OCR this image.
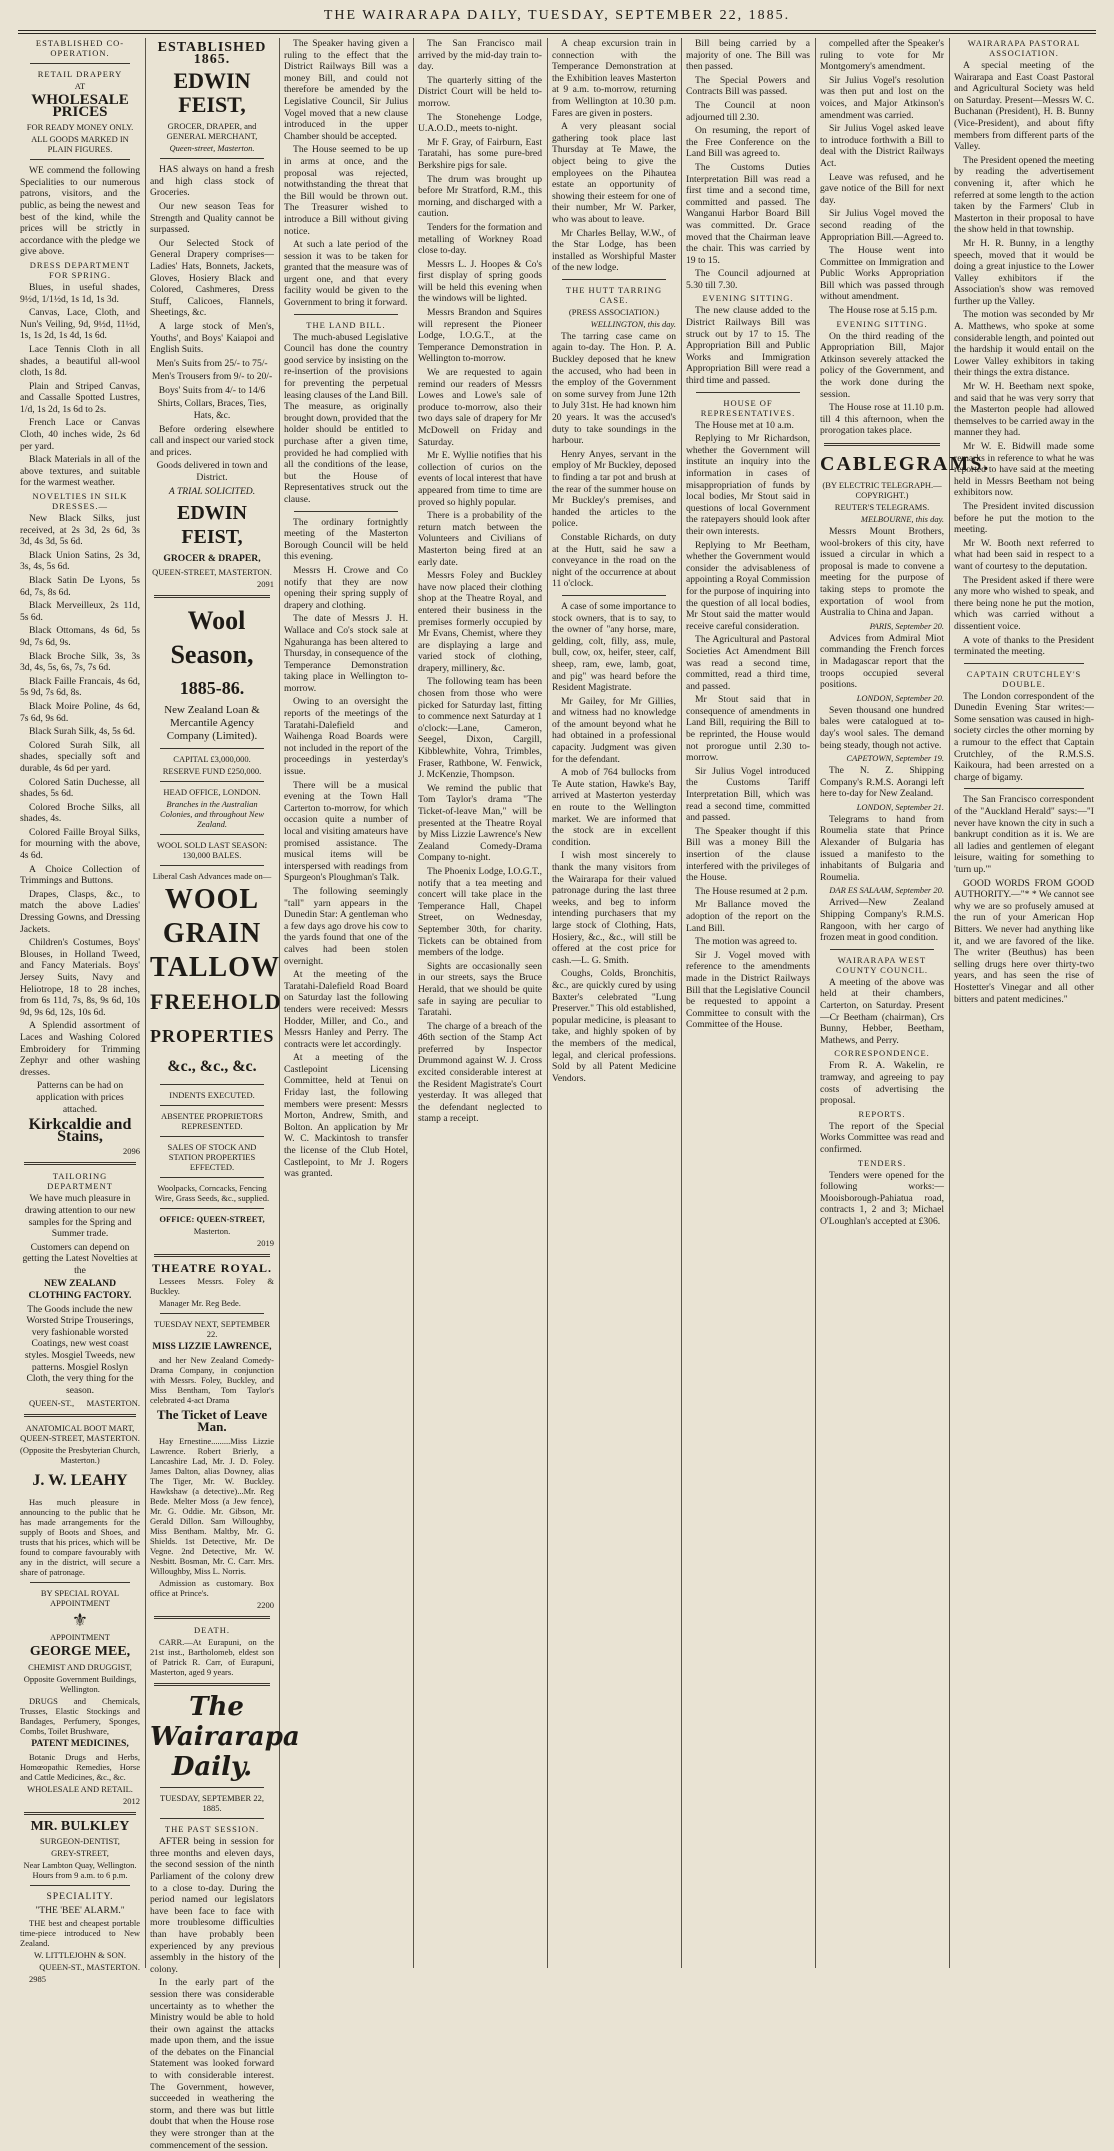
THE WAIRARAPA DAILY, TUESDAY, SEPTEMBER 22, 1885.

ESTABLISHED CO-OPERATION.

RETAIL DRAPERY

AT

WHOLESALE PRICES

FOR READY MONEY ONLY.

ALL GOODS MARKED IN PLAIN FIGURES.

WE commend the following Specialities to our numerous patrons, visitors, and the public, as being the newest and best of the kind, while the prices will be strictly in accordance with the pledge we give above.

DRESS DEPARTMENT FOR SPRING.

Blues, in useful shades, 9½d, 1/1½d, 1s 1d, 1s 3d.

Canvas, Lace, Cloth, and Nun's Veiling, 9d, 9½d, 11½d, 1s, 1s 2d, 1s 4d, 1s 6d.

Lace Tennis Cloth in all shades, a beautiful all-wool cloth, 1s 8d.

Plain and Striped Canvas, and Cassalle Spotted Lustres, 1/d, 1s 2d, 1s 6d to 2s.

French Lace or Canvas Cloth, 40 inches wide, 2s 6d per yard.

Black Materials in all of the above textures, and suitable for the warmest weather.

NOVELTIES IN SILK DRESSES.—

New Black Silks, just received, at 2s 3d, 2s 6d, 3s 3d, 4s 3d, 5s 6d.

Black Union Satins, 2s 3d, 3s, 4s, 5s 6d.

Black Satin De Lyons, 5s 6d, 7s, 8s 6d.

Black Merveilleux, 2s 11d, 5s 6d.

Black Ottomans, 4s 6d, 5s 9d, 7s 6d, 9s.

Black Broche Silk, 3s, 3s 3d, 4s, 5s, 6s, 7s, 7s 6d.

Black Faille Francais, 4s 6d, 5s 9d, 7s 6d, 8s.

Black Moire Poline, 4s 6d, 7s 6d, 9s 6d.

Black Surah Silk, 4s, 5s 6d.

Colored Surah Silk, all shades, specially soft and durable, 4s 6d per yard.

Colored Satin Duchesse, all shades, 5s 6d.

Colored Broche Silks, all shades, 4s.

Colored Faille Broyal Silks, for mourning with the above, 4s 6d.

A Choice Collection of Trimmings and Buttons.

Drapes, Clasps, &c., to match the above Ladies' Dressing Gowns, and Dressing Jackets.

Children's Costumes, Boys' Blouses, in Holland Tweed, and Fancy Materials. Boys' Jersey Suits, Navy and Heliotrope, 18 to 28 inches, from 6s 11d, 7s, 8s, 9s 6d, 10s 9d, 9s 6d, 12s, 10s 6d.

A Splendid assortment of Laces and Washing Colored Embroidery for Trimming Zephyr and other washing dresses.

Patterns can be had on application with prices attached.

Kirkcaldie and Stains,

2096

TAILORING DEPARTMENT

We have much pleasure in drawing attention to our new samples for the Spring and Summer trade.

Customers can depend on getting the Latest Novelties at the

NEW ZEALAND CLOTHING FACTORY.

The Goods include the new Worsted Stripe Trouserings, very fashionable worsted Coatings, new west coast styles. Mosgiel Tweeds, new patterns. Mosgiel Roslyn Cloth, the very thing for the season.

QUEEN-ST.,	MASTERTON.

ANATOMICAL BOOT MART, QUEEN-STREET, MASTERTON.

(Opposite the Presbyterian Church, Masterton.)

J. W. LEAHY

Has much pleasure in announcing to the public that he has made arrangements for the supply of Boots and Shoes, and trusts that his prices, which will be found to compare favourably with any in the district, will secure a share of patronage.

BY SPECIAL ROYAL APPOINTMENT

⚜

APPOINTMENT

GEORGE MEE,

CHEMIST AND DRUGGIST,

Opposite Government Buildings, Wellington.

DRUGS and Chemicals, Trusses, Elastic Stockings and Bandages, Perfumery, Sponges, Combs, Toilet Brushware,

PATENT MEDICINES,

Botanic Drugs and Herbs, Homœopathic Remedies, Horse and Cattle Medicines, &c., &c.

WHOLESALE AND RETAIL.

2012

MR. BULKLEY

SURGEON-DENTIST,

GREY-STREET,

Near Lambton Quay, Wellington. Hours from 9 a.m. to 6 p.m.

SPECIALITY.

"THE 'BEE' ALARM."

THE best and cheapest portable time-piece introduced to New Zealand.

W. LITTLEJOHN & SON.

QUEEN-ST., MASTERTON.

2985

ESTABLISHED 1865.

EDWIN FEIST,

GROCER, DRAPER, and GENERAL MERCHANT,

Queen-street, Masterton.

HAS always on hand a fresh and high class stock of Groceries.

Our new season Teas for Strength and Quality cannot be surpassed.

Our Selected Stock of General Drapery comprises—Ladies' Hats, Bonnets, Jackets, Gloves, Hosiery Black and Colored, Cashmeres, Dress Stuff, Calicoes, Flannels, Sheetings, &c.

A large stock of Men's, Youths', and Boys' Kaiapoi and English Suits.

Men's Suits from 25/- to 75/-

Men's Trousers from 9/- to 20/-

Boys' Suits from 4/- to 14/6

Shirts, Collars, Braces, Ties, Hats, &c.

Before ordering elsewhere call and inspect our varied stock and prices.

Goods delivered in town and District.

A TRIAL SOLICITED.

EDWIN FEIST,

GROCER & DRAPER,

QUEEN-STREET, MASTERTON.

2091

Wool Season,

1885-86.

New Zealand Loan & Mercantile Agency Company (Limited).

CAPITAL £3,000,000.

RESERVE FUND £250,000.

HEAD OFFICE, LONDON.

Branches in the Australian Colonies, and throughout New Zealand.

WOOL SOLD LAST SEASON: 130,000 BALES.

Liberal Cash Advances made on—

WOOL

GRAIN

TALLOW

FREEHOLD

PROPERTIES

&c., &c., &c.

INDENTS EXECUTED.

ABSENTEE PROPRIETORS REPRESENTED.

SALES OF STOCK AND STATION PROPERTIES EFFECTED.

Woolpacks, Corncacks, Fencing Wire, Grass Seeds, &c., supplied.

OFFICE: QUEEN-STREET,

Masterton.

2019

THEATRE ROYAL.

Lessees Messrs. Foley & Buckley.

Manager Mr. Reg Bede.

TUESDAY NEXT, SEPTEMBER 22.

MISS LIZZIE LAWRENCE,

and her New Zealand Comedy-Drama Company, in conjunction with Messrs. Foley, Buckley, and Miss Bentham, Tom Taylor's celebrated 4-act Drama

The Ticket of Leave Man.

Hay Ernestine.........Miss Lizzie Lawrence. Robert Brierly, a Lancashire Lad, Mr. J. D. Foley. James Dalton, alias Downey, alias The Tiger, Mr. W. Buckley. Hawkshaw (a detective)...Mr. Reg Bede. Melter Moss (a Jew fence), Mr. G. Oddie. Mr. Gibson, Mr. Gerald Dillon. Sam Willoughby, Miss Bentham. Maltby, Mr. G. Shields. 1st Detective, Mr. De Vegne. 2nd Detective, Mr. W. Nesbitt. Bosman, Mr. C. Carr. Mrs. Willoughby, Miss L. Norris.

Admission as customary. Box office at Prince's.

2200

DEATH.

CARR.—At Eurapuni, on the 21st inst., Bartholomeb, eldest son of Patrick R. Carr, of Eurapuni, Masterton, aged 9 years.

The Wairarapa Daily.

TUESDAY, SEPTEMBER 22, 1885.

THE PAST SESSION.

AFTER being in session for three months and eleven days, the second session of the ninth Parliament of the colony drew to a close to-day. During the period named our legislators have been face to face with more troublesome difficulties than have probably been experienced by any previous assembly in the history of the colony.

In the early part of the session there was considerable uncertainty as to whether the Ministry would be able to hold their own against the attacks made upon them, and the issue of the debates on the Financial Statement was looked forward to with considerable interest. The Government, however, succeeded in weathering the storm, and there was but little doubt that when the House rose they were stronger than at the commencement of the session.

The Speaker having given a ruling to the effect that the District Railways Bill was a money Bill, and could not therefore be amended by the Legislative Council, Sir Julius Vogel moved that a new clause introduced in the upper Chamber should be accepted.

The House seemed to be up in arms at once, and the proposal was rejected, notwithstanding the threat that the Bill would be thrown out. The Treasurer wished to introduce a Bill without giving notice.

At such a late period of the session it was to be taken for granted that the measure was of urgent one, and that every facility would be given to the Government to bring it forward.

THE LAND BILL.

The much-abused Legislative Council has done the country good service by insisting on the re-insertion of the provisions for preventing the perpetual leasing clauses of the Land Bill. The measure, as originally brought down, provided that the holder should be entitled to purchase after a given time, provided he had complied with all the conditions of the lease, but the House of Representatives struck out the clause.

The ordinary fortnightly meeting of the Masterton Borough Council will be held this evening.

Messrs H. Crowe and Co notify that they are now opening their spring supply of drapery and clothing.

The date of Messrs J. H. Wallace and Co's stock sale at Ngahuranga has been altered to Thursday, in consequence of the Temperance Demonstration taking place in Wellington to-morrow.

Owing to an oversight the reports of the meetings of the Taratahi-Dalefield and Waihenga Road Boards were not included in the report of the proceedings in yesterday's issue.

There will be a musical evening at the Town Hall Carterton to-morrow, for which occasion quite a number of local and visiting amateurs have promised assistance. The musical items will be interspersed with readings from Spurgeon's Ploughman's Talk.

The following seemingly "tall" yarn appears in the Dunedin Star: A gentleman who a few days ago drove his cow to the yards found that one of the calves had been stolen overnight.

At the meeting of the Taratahi-Dalefield Road Board on Saturday last the following tenders were received: Messrs Hodder, Miller, and Co., and Messrs Hanley and Perry. The contracts were let accordingly.

At a meeting of the Castlepoint Licensing Committee, held at Tenui on Friday last, the following members were present: Messrs Morton, Andrew, Smith, and Bolton. An application by Mr W. C. Mackintosh to transfer the license of the Club Hotel, Castlepoint, to Mr J. Rogers was granted.

The San Francisco mail arrived by the mid-day train to-day.

The quarterly sitting of the District Court will be held to-morrow.

The Stonehenge Lodge, U.A.O.D., meets to-night.

Mr F. Gray, of Fairburn, East Taratahi, has some pure-bred Berkshire pigs for sale.

The drum was brought up before Mr Stratford, R.M., this morning, and discharged with a caution.

Tenders for the formation and metalling of Workney Road close to-day.

Messrs L. J. Hoopes & Co's first display of spring goods will be held this evening when the windows will be lighted.

Messrs Brandon and Squires will represent the Pioneer Lodge, I.O.G.T., at the Temperance Demonstration in Wellington to-morrow.

We are requested to again remind our readers of Messrs Lowes and Lowe's sale of produce to-morrow, also their two days sale of drapery for Mr McDowell on Friday and Saturday.

Mr E. Wyllie notifies that his collection of curios on the events of local interest that have appeared from time to time are proved so highly popular.

There is a probability of the return match between the Volunteers and Civilians of Masterton being fired at an early date.

Messrs Foley and Buckley have now placed their clothing shop at the Theatre Royal, and entered their business in the premises formerly occupied by Mr Evans, Chemist, where they are displaying a large and varied stock of clothing, drapery, millinery, &c.

The following team has been chosen from those who were picked for Saturday last, fitting to commence next Saturday at 1 o'clock:—Lane, Cameron, Seegel, Dixon, Cargill, Kibblewhite, Vohra, Trimbles, Fraser, Rathbone, W. Fenwick, J. McKenzie, Thompson.

We remind the public that Tom Taylor's drama "The Ticket-of-leave Man," will be presented at the Theatre Royal by Miss Lizzie Lawrence's New Zealand Comedy-Drama Company to-night.

The Phoenix Lodge, I.O.G.T., notify that a tea meeting and concert will take place in the Temperance Hall, Chapel Street, on Wednesday, September 30th, for charity. Tickets can be obtained from members of the lodge.

Sights are occasionally seen in our streets, says the Bruce Herald, that we should be quite safe in saying are peculiar to Taratahi.

The charge of a breach of the 46th section of the Stamp Act preferred by Inspector Drummond against W. J. Cross excited considerable interest at the Resident Magistrate's Court yesterday. It was alleged that the defendant neglected to stamp a receipt.

A cheap excursion train in connection with the Temperance Demonstration at the Exhibition leaves Masterton at 9 a.m. to-morrow, returning from Wellington at 10.30 p.m. Fares are given in posters.

A very pleasant social gathering took place last Thursday at Te Mawe, the object being to give the employees on the Pihautea estate an opportunity of showing their esteem for one of their number, Mr W. Parker, who was about to leave.

Mr Charles Bellay, W.W., of the Star Lodge, has been installed as Worshipful Master of the new lodge.

THE HUTT TARRING CASE.

(PRESS ASSOCIATION.)

WELLINGTON, this day.

The tarring case came on again to-day. The Hon. P. A. Buckley deposed that he knew the accused, who had been in the employ of the Government on some survey from June 12th to July 31st. He had known him 20 years. It was the accused's duty to take soundings in the harbour.

Henry Anyes, servant in the employ of Mr Buckley, deposed to finding a tar pot and brush at the rear of the summer house on Mr Buckley's premises, and handed the articles to the police.

Constable Richards, on duty at the Hutt, said he saw a conveyance in the road on the night of the occurrence at about 11 o'clock.

A case of some importance to stock owners, that is to say, to the owner of "any horse, mare, gelding, colt, filly, ass, mule, bull, cow, ox, heifer, steer, calf, sheep, ram, ewe, lamb, goat, and pig" was heard before the Resident Magistrate.

Mr Gailey, for Mr Gillies, and witness had no knowledge of the amount beyond what he had obtained in a professional capacity. Judgment was given for the defendant.

A mob of 764 bullocks from Te Aute station, Hawke's Bay, arrived at Masterton yesterday en route to the Wellington market. We are informed that the stock are in excellent condition.

I wish most sincerely to thank the many visitors from the Wairarapa for their valued patronage during the last three weeks, and beg to inform intending purchasers that my large stock of Clothing, Hats, Hosiery, &c., &c., will still be offered at the cost price for cash.—L. G. Smith.

Coughs, Colds, Bronchitis, &c., are quickly cured by using Baxter's celebrated "Lung Preserver." This old established, popular medicine, is pleasant to take, and highly spoken of by the members of the medical, legal, and clerical professions. Sold by all Patent Medicine Vendors.

Bill being carried by a majority of one. The Bill was then passed.

The Special Powers and Contracts Bill was passed.

The Council at noon adjourned till 2.30.

On resuming, the report of the Free Conference on the Land Bill was agreed to.

The Customs Duties Interpretation Bill was read a first time and a second time, committed and passed. The Wanganui Harbor Board Bill was committed. Dr. Grace moved that the Chairman leave the chair. This was carried by 19 to 15.

The Council adjourned at 5.30 till 7.30.

EVENING SITTING.

The new clause added to the District Railways Bill was struck out by 17 to 15. The Appropriation Bill and Public Works and Immigration Appropriation Bill were read a third time and passed.

HOUSE OF REPRESENTATIVES.

The House met at 10 a.m.

Replying to Mr Richardson, whether the Government will institute an inquiry into the information in cases of misappropriation of funds by local bodies, Mr Stout said in questions of local Government the ratepayers should look after their own interests.

Replying to Mr Beetham, whether the Government would consider the advisableness of appointing a Royal Commission for the purpose of inquiring into the question of all local bodies, Mr Stout said the matter would receive careful consideration.

The Agricultural and Pastoral Societies Act Amendment Bill was read a second time, committed, read a third time, and passed.

Mr Stout said that in consequence of amendments in Land Bill, requiring the Bill to be reprinted, the House would not prorogue until 2.30 to-morrow.

Sir Julius Vogel introduced the Customs Tariff Interpretation Bill, which was read a second time, committed and passed.

The Speaker thought if this Bill was a money Bill the insertion of the clause interfered with the privileges of the House.

The House resumed at 2 p.m.

Mr Ballance moved the adoption of the report on the Land Bill.

The motion was agreed to.

Sir J. Vogel moved with reference to the amendments made in the District Railways Bill that the Legislative Council be requested to appoint a Committee to consult with the Committee of the House.

compelled after the Speaker's ruling to vote for Mr Montgomery's amendment.

Sir Julius Vogel's resolution was then put and lost on the voices, and Major Atkinson's amendment was carried.

Sir Julius Vogel asked leave to introduce forthwith a Bill to deal with the District Railways Act.

Leave was refused, and he gave notice of the Bill for next day.

Sir Julius Vogel moved the second reading of the Appropriation Bill.—Agreed to.

The House went into Committee on Immigration and Public Works Appropriation Bill which was passed through without amendment.

The House rose at 5.15 p.m.

EVENING SITTING.

On the third reading of the Appropriation Bill, Major Atkinson severely attacked the policy of the Government, and the work done during the session.

The House rose at 11.10 p.m. till 4 this afternoon, when the prorogation takes place.

CABLEGRAMS.

(BY ELECTRIC TELEGRAPH.—COPYRIGHT.)

REUTER'S TELEGRAMS.

MELBOURNE, this day.

Messrs Mount Brothers, wool-brokers of this city, have issued a circular in which a proposal is made to convene a meeting for the purpose of taking steps to promote the exportation of wool from Australia to China and Japan.

PARIS, September 20.

Advices from Admiral Miot commanding the French forces in Madagascar report that the troops occupied several positions.

LONDON, September 20.

Seven thousand one hundred bales were catalogued at to-day's wool sales. The demand being steady, though not active.

CAPETOWN, September 19.

The N. Z. Shipping Company's R.M.S. Aorangi left here to-day for New Zealand.

LONDON, September 21.

Telegrams to hand from Roumelia state that Prince Alexander of Bulgaria has issued a manifesto to the inhabitants of Bulgaria and Roumelia.

DAR ES SALAAM, September 20.

Arrived—New Zealand Shipping Company's R.M.S. Rangoon, with her cargo of frozen meat in good condition.

WAIRARAPA WEST COUNTY COUNCIL.

A meeting of the above was held at their chambers, Carterton, on Saturday. Present—Cr Beetham (chairman), Crs Bunny, Hebber, Beetham, Mathews, and Perry.

CORRESPONDENCE.

From R. A. Wakelin, re tramway, and agreeing to pay costs of advertising the proposal.

REPORTS.

The report of the Special Works Committee was read and confirmed.

TENDERS.

Tenders were opened for the following works:—Mooisborough-Pahiatua road, contracts 1, 2 and 3; Michael O'Loughlan's accepted at £306.

WAIRARAPA PASTORAL ASSOCIATION.

A special meeting of the Wairarapa and East Coast Pastoral and Agricultural Society was held on Saturday. Present—Messrs W. C. Buchanan (President), H. B. Bunny (Vice-President), and about fifty members from different parts of the Valley.

The President opened the meeting by reading the advertisement convening it, after which he referred at some length to the action taken by the Farmers' Club in Masterton in their proposal to have the show held in that township.

Mr H. R. Bunny, in a lengthy speech, moved that it would be doing a great injustice to the Lower Valley exhibitors if the Association's show was removed further up the Valley.

The motion was seconded by Mr A. Matthews, who spoke at some considerable length, and pointed out the hardship it would entail on the Lower Valley exhibitors in taking their things the extra distance.

Mr W. H. Beetham next spoke, and said that he was very sorry that the Masterton people had allowed themselves to be carried away in the manner they had.

Mr W. E. Bidwill made some remarks in reference to what he was reported to have said at the meeting held in Messrs Beetham not being exhibitors now.

The President invited discussion before he put the motion to the meeting.

Mr W. Booth next referred to what had been said in respect to a want of courtesy to the deputation.

The President asked if there were any more who wished to speak, and there being none he put the motion, which was carried without a dissentient voice.

A vote of thanks to the President terminated the meeting.

CAPTAIN CRUTCHLEY'S DOUBLE.

The London correspondent of the Dunedin Evening Star writes:—Some sensation was caused in high-society circles the other morning by a rumour to the effect that Captain Crutchley, of the R.M.S.S. Kaikoura, had been arrested on a charge of bigamy.

The San Francisco correspondent of the "Auckland Herald" says:—"I never have known the city in such a bankrupt condition as it is. We are all ladies and gentlemen of elegant leisure, waiting for something to 'turn up.'"

GOOD WORDS FROM GOOD AUTHORITY.—"* * We cannot see why we are so profusely amused at the run of your American Hop Bitters. We never had anything like it, and we are favored of the like. The writer (Beuthus) has been selling drugs here over thirty-two years, and has seen the rise of Hostetter's Vinegar and all other bitters and patent medicines."
